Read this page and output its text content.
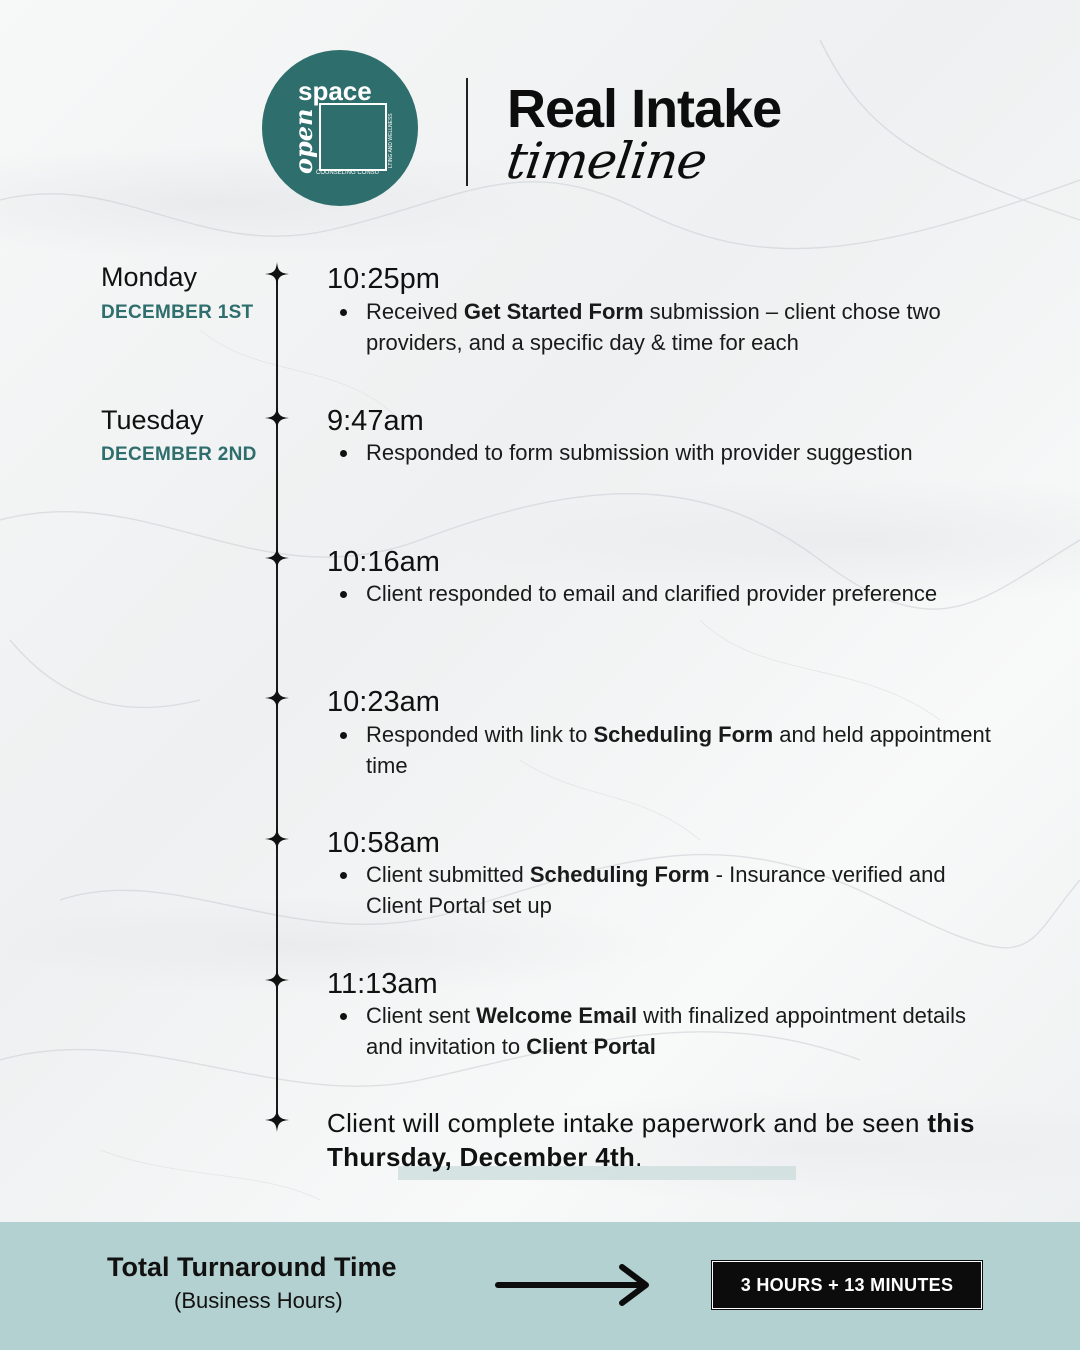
space
open
COUNSELING CONSU
LTING AND WELLNESS
Real Intake
timeline
Monday
DECEMBER 1ST
Tuesday
DECEMBER 2ND
10:25pm
Received Get Started Form submission – client chose two providers, and a specific day & time for each
9:47am
Responded to form submission with provider suggestion
10:16am
Client responded to email and clarified provider preference
10:23am
Responded with link to Scheduling Form and held appointment time
10:58am
Client submitted Scheduling Form - Insurance verified and Client Portal set up
11:13am
Client sent Welcome Email with finalized appointment details and invitation to Client Portal
Client will complete intake paperwork and be seen this Thursday, December 4th.
Total Turnaround Time
(Business Hours)
3 HOURS + 13 MINUTES
